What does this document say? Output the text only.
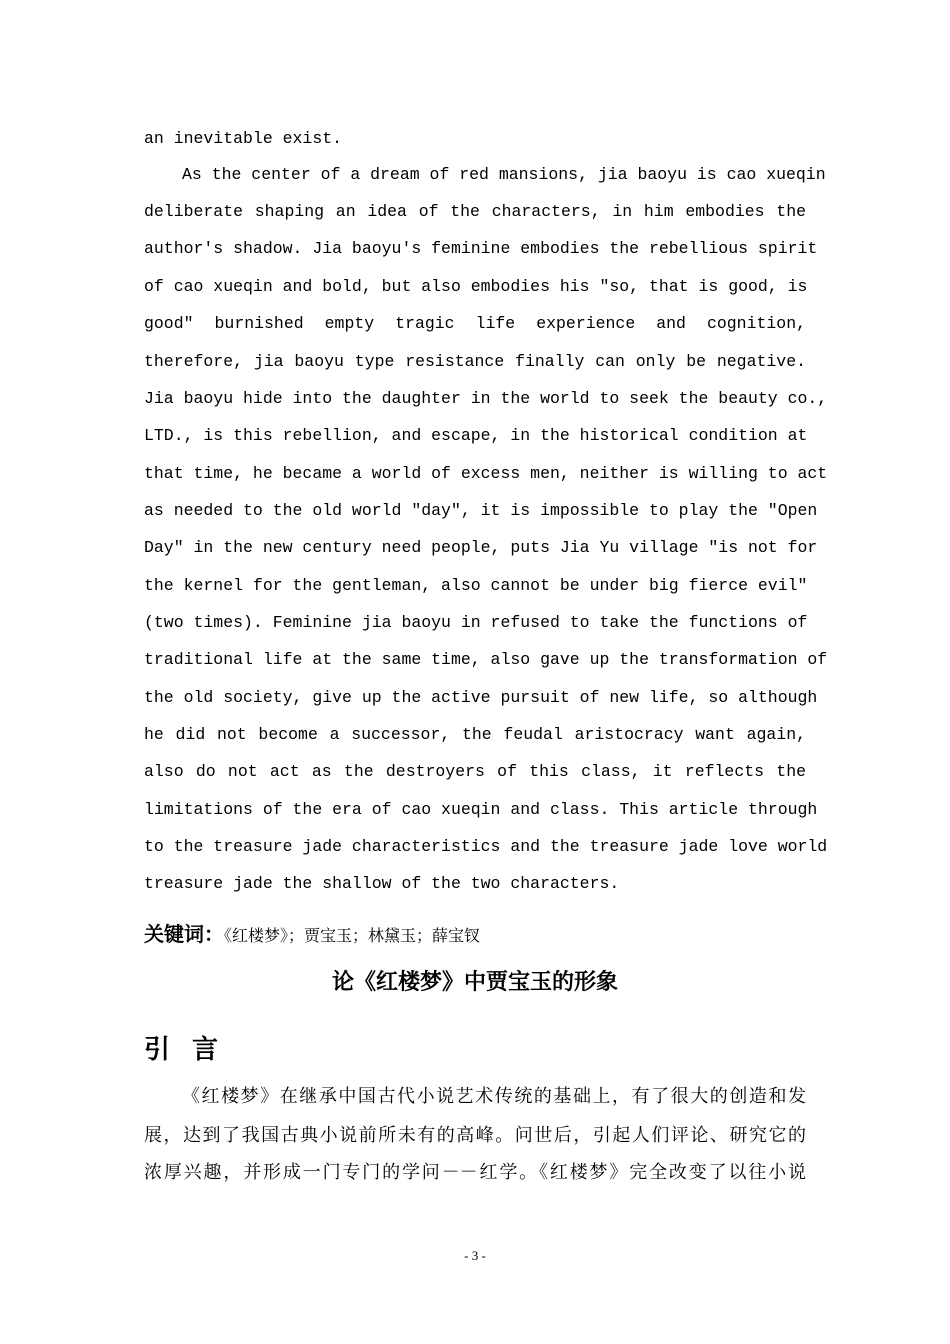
an inevitable exist.
As the center of a dream of red mansions, jia baoyu is cao xueqin
deliberate shaping an idea of the characters, in him embodies the
author's shadow. Jia baoyu's feminine embodies the rebellious spirit
of cao xueqin and bold, but also embodies his "so, that is good, is
good" burnished empty tragic life experience and cognition,
therefore, jia baoyu type resistance finally can only be negative.
Jia baoyu hide into the daughter in the world to seek the beauty co.,
LTD., is this rebellion, and escape, in the historical condition at
that time, he became a world of excess men, neither is willing to act
as needed to the old world "day", it is impossible to play the "Open
Day" in the new century need people, puts Jia Yu village "is not for
the kernel for the gentleman, also cannot be under big fierce evil"
(two times). Feminine jia baoyu in refused to take the functions of
traditional life at the same time, also gave up the transformation of
the old society, give up the active pursuit of new life, so although
he did not become a successor, the feudal aristocracy want again,
also do not act as the destroyers of this class, it reflects the
limitations of the era of cao xueqin and class. This article through
to the treasure jade characteristics and the treasure jade love world
treasure jade the shallow of the two characters.
关键词：《红楼梦》；贾宝玉；林黛玉；薛宝钗
论《红楼梦》中贾宝玉的形象
引言
《红楼梦》在继承中国古代小说艺术传统的基础上，有了很大的创造和发
展，达到了我国古典小说前所未有的高峰。问世后，引起人们评论、研究它的
浓厚兴趣，并形成一门专门的学问－－红学。《红楼梦》完全改变了以往小说
- 3 -
